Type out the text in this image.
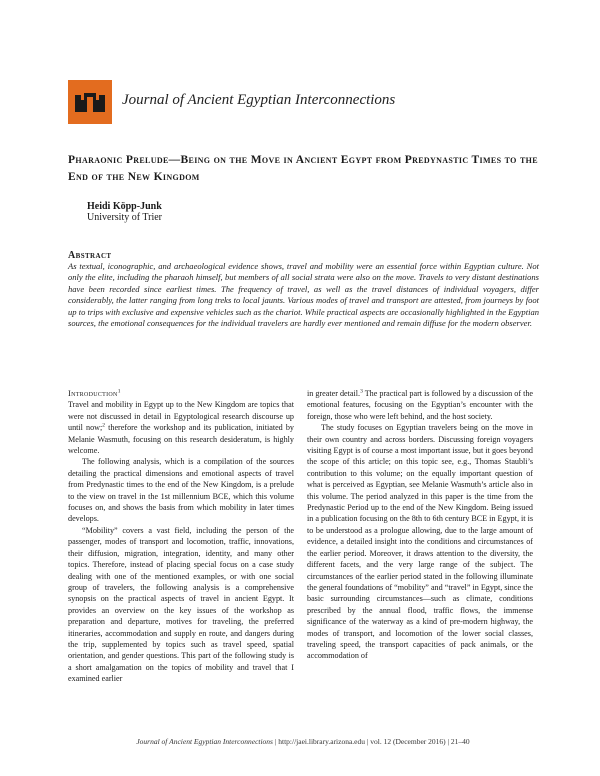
Journal of Ancient Egyptian Interconnections
Pharaonic Prelude—Being on the Move in Ancient Egypt from Predynastic Times to the End of the New Kingdom
Heidi Köpp-Junk
University of Trier
Abstract
As textual, iconographic, and archaeological evidence shows, travel and mobility were an essential force within Egyptian culture. Not only the elite, including the pharaoh himself, but members of all social strata were also on the move. Travels to very distant destinations have been recorded since earliest times. The frequency of travel, as well as the travel distances of individual voyagers, differ considerably, the latter ranging from long treks to local jaunts. Various modes of travel and transport are attested, from journeys by foot up to trips with exclusive and expensive vehicles such as the chariot. While practical aspects are occasionally highlighted in the Egyptian sources, the emotional consequences for the individual travelers are hardly ever mentioned and remain diffuse for the modern observer.

Introduction$^1$

Travel and mobility in Egypt up to the New Kingdom are topics that were not discussed in detail in Egyptological research discourse up until now;$^2$ therefore the workshop and its publication, initiated by Melanie Wasmuth, focusing on this research desideratum, is highly welcome.

The following analysis, which is a compilation of the sources detailing the practical dimensions and emotional aspects of travel from Predynastic times to the end of the New Kingdom, is a prelude to the view on travel in the 1st millennium BCE, which this volume focuses on, and shows the basis from which mobility in later times develops.

“Mobility” covers a vast field, including the person of the passenger, modes of transport and locomotion, traffic, innovations, their diffusion, migration, integration, identity, and many other topics. Therefore, instead of placing special focus on a case study dealing with one of the mentioned examples, or with one social group of travelers, the following analysis is a comprehensive synopsis on the practical aspects of travel in ancient Egypt. It provides an overview on the key issues of the workshop as preparation and departure, motives for traveling, the preferred itineraries, accommodation and supply en route, and dangers during the trip, supplemented by topics such as travel speed, spatial orientation, and gender questions. This part of the following study is a short amalgamation on the topics of mobility and travel that I examined earlier

in greater detail.$^3$ The practical part is followed by a discussion of the emotional features, focusing on the Egyptian’s encounter with the foreign, those who were left behind, and the host society.

The study focuses on Egyptian travelers being on the move in their own country and across borders. Discussing foreign voyagers visiting Egypt is of course a most important issue, but it goes beyond the scope of this article; on this topic see, e.g., Thomas Staubli’s contribution to this volume; on the equally important question of what is perceived as Egyptian, see Melanie Wasmuth’s article also in this volume. The period analyzed in this paper is the time from the Predynastic Period up to the end of the New Kingdom. Being issued in a publication focusing on the 8th to 6th century BCE in Egypt, it is to be understood as a prologue allowing, due to the large amount of evidence, a detailed insight into the conditions and circumstances of the earlier period. Moreover, it draws attention to the diversity, the different facets, and the very large range of the subject. The circumstances of the earlier period stated in the following illuminate the general foundations of “mobility” and “travel” in Egypt, since the basic surrounding circumstances—such as climate, conditions prescribed by the annual flood, traffic flows, the immense significance of the waterway as a kind of pre-modern highway, the modes of transport, and locomotion of the lower social classes, traveling speed, the transport capacities of pack animals, or the accommodation of

Journal of Ancient Egyptian Interconnections | http://jaei.library.arizona.edu | vol. 12 (December 2016) | 21–40
